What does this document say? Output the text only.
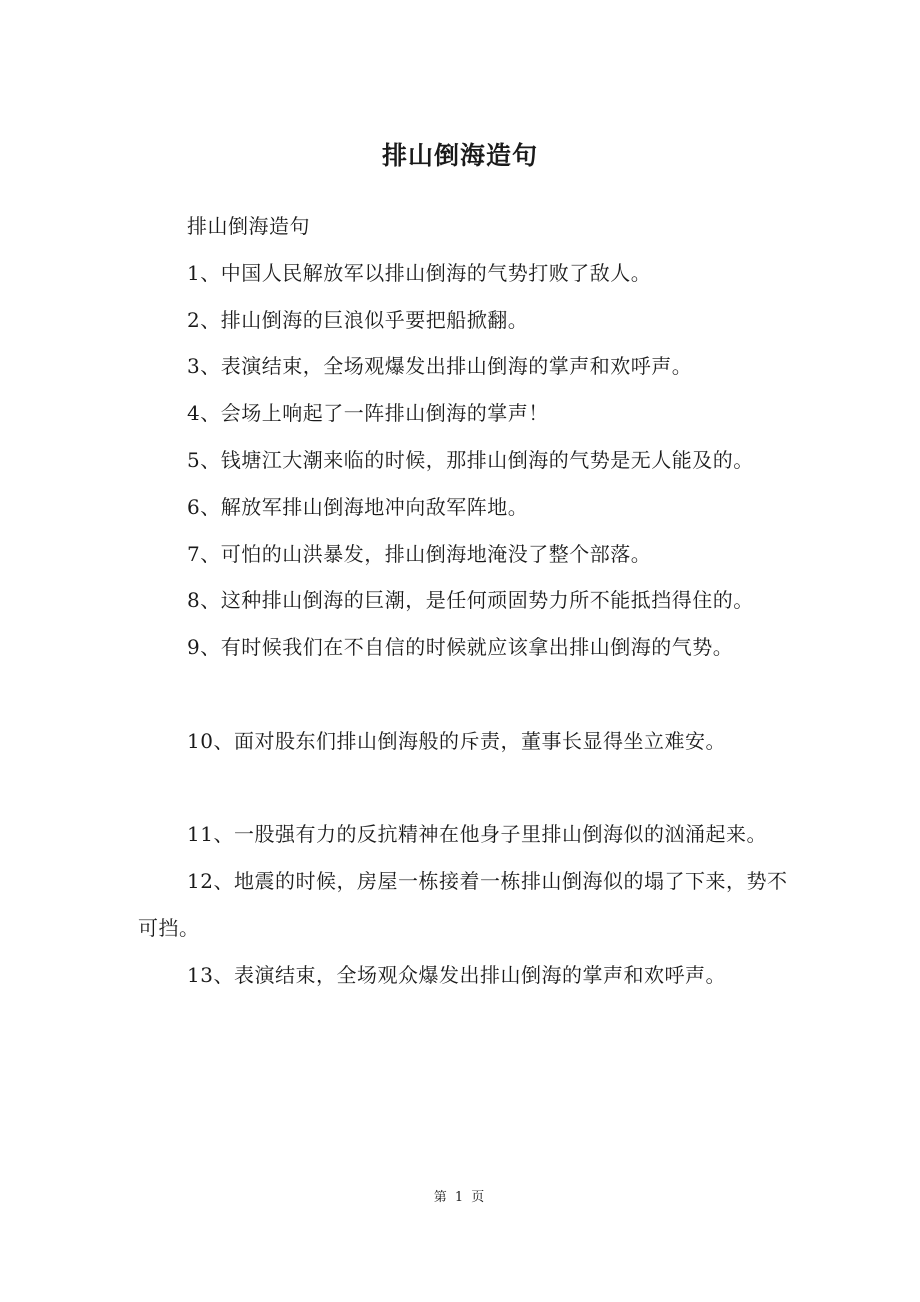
排山倒海造句

排山倒海造句

1、中国人民解放军以排山倒海的气势打败了敌人。

2、排山倒海的巨浪似乎要把船掀翻。

3、表演结束，全场观爆发出排山倒海的掌声和欢呼声。

4、会场上响起了一阵排山倒海的掌声！

5、钱塘江大潮来临的时候，那排山倒海的气势是无人能及的。

6、解放军排山倒海地冲向敌军阵地。

7、可怕的山洪暴发，排山倒海地淹没了整个部落。

8、这种排山倒海的巨潮，是任何顽固势力所不能抵挡得住的。

9、有时候我们在不自信的时候就应该拿出排山倒海的气势。

10、面对股东们排山倒海般的斥责，董事长显得坐立难安。

11、一股强有力的反抗精神在他身子里排山倒海似的汹涌起来。

12、地震的时候，房屋一栋接着一栋排山倒海似的塌了下来，势不可挡。

13、表演结束，全场观众爆发出排山倒海的掌声和欢呼声。

第 1 页
